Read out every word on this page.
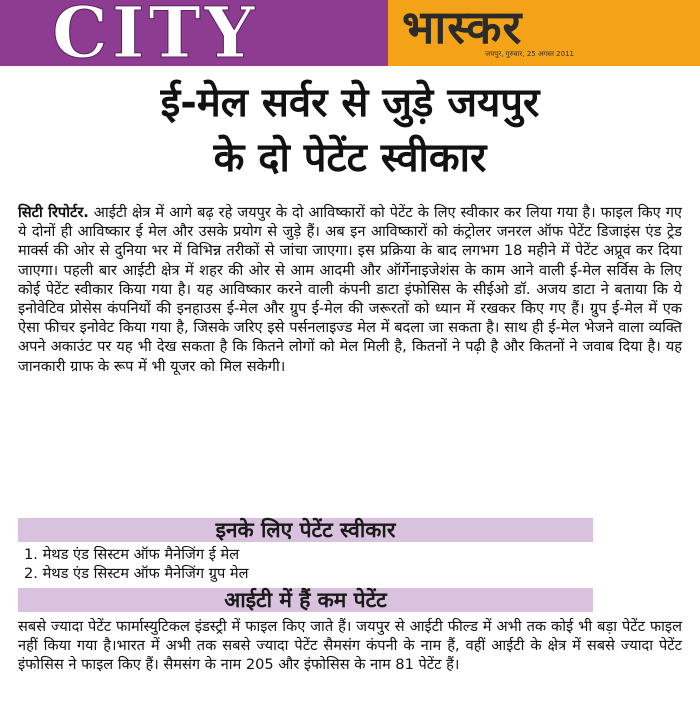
CITY	भास्कर
जयपुर, गुरुवार, 25 अगस्त 2011
ई-मेल सर्वर से जुड़े जयपुर
के दो पेटेंट स्वीकार
सिटी रिपोर्टर. आईटी क्षेत्र में आगे बढ़ रहे जयपुर के दो आविष्कारों को पेटेंट के लिए स्वीकार कर लिया गया है। फाइल किए गए ये दोनों ही आविष्कार ई मेल और उसके प्रयोग से जुड़े हैं। अब इन आविष्कारों को कंट्रोलर जनरल ऑफ पेटेंट डिजाइंस एंड ट्रेड मार्क्स की ओर से दुनिया भर में विभिन्न तरीकों से जांचा जाएगा। इस प्रक्रिया के बाद लगभग 18 महीने में पेटेंट अप्रूव कर दिया जाएगा। पहली बार आईटी क्षेत्र में शहर की ओर से आम आदमी और ऑर्गेनाइजेशंस के काम आने वाली ई-मेल सर्विस के लिए कोई पेटेंट स्वीकार किया गया है। यह आविष्कार करने वाली कंपनी डाटा इंफोसिस के सीईओ डॉ. अजय डाटा ने बताया कि ये इनोवेटिव प्रोसेस कंपनियों की इनहाउस ई-मेल और ग्रुप ई-मेल की जरूरतों को ध्यान में रखकर किए गए हैं। ग्रुप ई-मेल में एक ऐसा फीचर इनोवेट किया गया है, जिसके जरिए इसे पर्सनलाइज्ड मेल में बदला जा सकता है। साथ ही ई-मेल भेजने वाला व्यक्ति अपने अकाउंट पर यह भी देख सकता है कि कितने लोगों को मेल मिली है, कितनों ने पढ़ी है और कितनों ने जवाब दिया है। यह जानकारी ग्राफ के रूप में भी यूजर को मिल सकेगी।
इनके लिए पेटेंट स्वीकार
1. मेथड एंड सिस्टम ऑफ मैनेजिंग ई मेल
2. मेथड एंड सिस्टम ऑफ मैनेजिंग ग्रुप मेल
आईटी में हैं कम पेटेंट
सबसे ज्यादा पेटेंट फार्मास्युटिकल इंडस्ट्री में फाइल किए जाते हैं। जयपुर से आईटी फील्ड में अभी तक कोई भी बड़ा पेटेंट फाइल नहीं किया गया है।भारत में अभी तक सबसे ज्यादा पेटेंट सैमसंग कंपनी के नाम हैं, वहीं आईटी के क्षेत्र में सबसे ज्यादा पेटेंट इंफोसिस ने फाइल किए हैं। सैमसंग के नाम 205 और इंफोसिस के नाम 81 पेटेंट हैं।
